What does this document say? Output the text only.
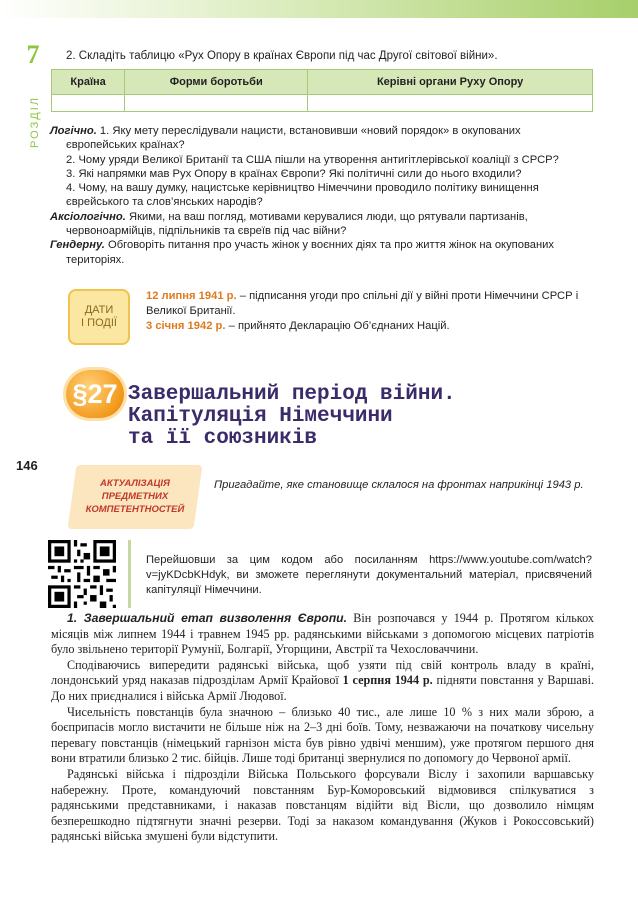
7
РОЗДІЛ
146
2. Складіть таблицю «Рух Опору в країнах Європи під час Другої світової війни».
Країна	Форми боротьби	Керівні органи Руху Опору

Логічно. 1. Яку мету переслідували нацисти, встановивши «новий порядок» в окупованих європейських країнах?

2. Чому уряди Великої Британії та США пішли на утворення антигітлерівської коаліції з СРСР?

3. Які напрямки мав Рух Опору в країнах Європи? Які політичні сили до нього входили?

4. Чому, на вашу думку, нацистське керівництво Німеччини проводило політику винищення єврейського та слов’янських народів?

Аксіологічно. Якими, на ваш погляд, мотивами керувалися люди, що рятували партизанів, червоноармійців, підпільників та євреїв під час війни?

Гендерну. Обговоріть питання про участь жінок у воєнних діях та про життя жінок на окупованих територіях.

ДАТИ
І ПОДІЇ
12 липня 1941 р. – підписання угоди про спільні дії у війні проти Німеччини СРСР і Великої Британії.
3 січня 1942 р. – прийнято Декларацію Об’єднаних Націй.
§27 Завершальний період війни.
Капітуляція Німеччини
та її союзників
АКТУАЛІЗАЦІЯ
ПРЕДМЕТНИХ
КОМПЕТЕНТНОСТЕЙ
Пригадайте, яке становище склалося на фронтах наприкінці 1943 р.
Перейшовши за цим кодом або посиланням https://www.youtube.com/watch?v=jyKDcbKHdyk, ви зможете переглянути документальний матеріал, присвячений капітуляції Німеччини.

1. Завершальний етап визволення Європи. Він розпочався у 1944 р. Протягом кількох місяців між липнем 1944 і травнем 1945 рр. радянськими військами з допомогою місцевих патріотів було звільнено території Румунії, Болгарії, Угорщини, Австрії та Чехословаччини.

Сподіваючись випередити радянські війська, щоб узяти під свій контроль владу в країні, лондонський уряд наказав підрозділам Армії Крайової 1 серпня 1944 р. підняти повстання у Варшаві. До них приєдналися і війська Армії Людової.

Чисельність повстанців була значною – близько 40 тис., але лише 10 % з них мали зброю, а боєприпасів могло вистачити не більше ніж на 2–3 дні боїв. Тому, незважаючи на початкову чисельну перевагу повстанців (німецький гарнізон міста був рівно удвічі меншим), уже протягом першого дня вони втратили близько 2 тис. бійців. Лише тоді британці звернулися по допомогу до Червоної армії.

Радянські війська і підрозділи Війська Польського форсували Віслу і захопили варшавську набережну. Проте, командуючий повстанням Бур-Коморовський відмовився спілкуватися з радянськими представниками, і наказав повстанцям відійти від Вісли, що дозволило німцям безперешкодно підтягнути значні резерви. Тоді за наказом командування (Жуков і Рокоссовський) радянські війська змушені були відступити.
